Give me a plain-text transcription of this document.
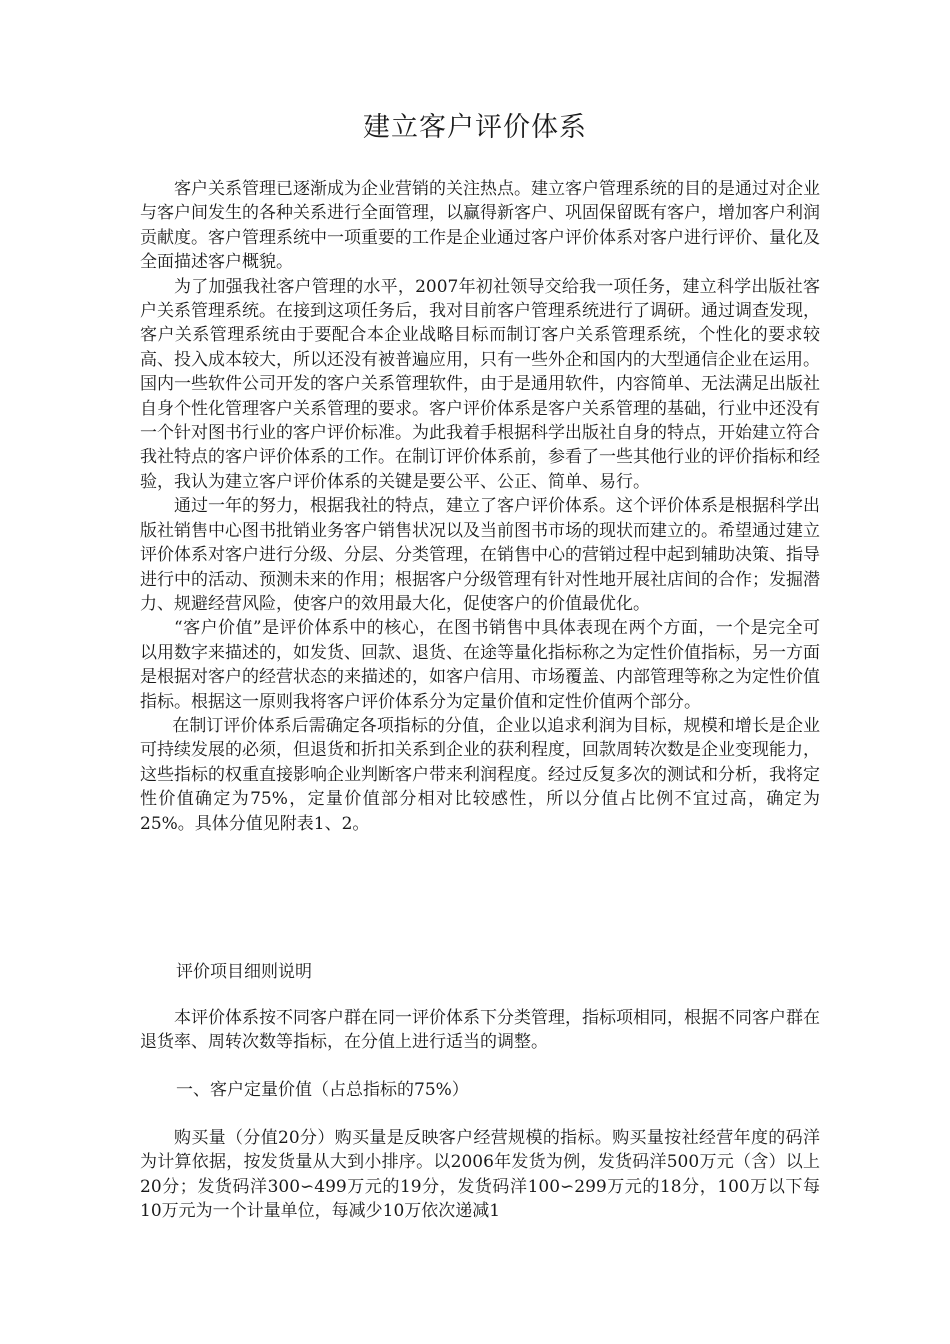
建立客户评价体系

客户关系管理已逐渐成为企业营销的关注热点。建立客户管理系统的目的是通过对企业与客户间发生的各种关系进行全面管理，以赢得新客户、巩固保留既有客户，增加客户利润贡献度。客户管理系统中一项重要的工作是企业通过客户评价体系对客户进行评价、量化及全面描述客户概貌。

为了加强我社客户管理的水平，2007年初社领导交给我一项任务，建立科学出版社客户关系管理系统。在接到这项任务后，我对目前客户管理系统进行了调研。通过调查发现，客户关系管理系统由于要配合本企业战略目标而制订客户关系管理系统，个性化的要求较高、投入成本较大，所以还没有被普遍应用，只有一些外企和国内的大型通信企业在运用。国内一些软件公司开发的客户关系管理软件，由于是通用软件，内容简单、无法满足出版社自身个性化管理客户关系管理的要求。客户评价体系是客户关系管理的基础，行业中还没有一个针对图书行业的客户评价标准。为此我着手根据科学出版社自身的特点，开始建立符合我社特点的客户评价体系的工作。在制订评价体系前，参看了一些其他行业的评价指标和经验，我认为建立客户评价体系的关键是要公平、公正、简单、易行。

通过一年的努力，根据我社的特点，建立了客户评价体系。这个评价体系是根据科学出版社销售中心图书批销业务客户销售状况以及当前图书市场的现状而建立的。希望通过建立评价体系对客户进行分级、分层、分类管理，在销售中心的营销过程中起到辅助决策、指导进行中的活动、预测未来的作用；根据客户分级管理有针对性地开展社店间的合作；发掘潜力、规避经营风险，使客户的效用最大化，促使客户的价值最优化。

“客户价值”是评价体系中的核心，在图书销售中具体表现在两个方面，一个是完全可以用数字来描述的，如发货、回款、退货、在途等量化指标称之为定性价值指标，另一方面是根据对客户的经营状态的来描述的，如客户信用、市场覆盖、内部管理等称之为定性价值指标。根据这一原则我将客户评价体系分为定量价值和定性价值两个部分。

在制订评价体系后需确定各项指标的分值，企业以追求利润为目标，规模和增长是企业可持续发展的必须，但退货和折扣关系到企业的获利程度，回款周转次数是企业变现能力，这些指标的权重直接影响企业判断客户带来利润程度。经过反复多次的测试和分析，我将定性价值确定为75%，定量价值部分相对比较感性，所以分值占比例不宜过高，确定为25%。具体分值见附表1、2。

评价项目细则说明

本评价体系按不同客户群在同一评价体系下分类管理，指标项相同，根据不同客户群在退货率、周转次数等指标，在分值上进行适当的调整。

一、客户定量价值（占总指标的75%）

购买量（分值20分）购买量是反映客户经营规模的指标。购买量按社经营年度的码洋为计算依据，按发货量从大到小排序。以2006年发货为例，发货码洋500万元（含）以上20分；发货码洋300∽499万元的19分，发货码洋100∽299万元的18分，100万以下每10万元为一个计量单位，每减少10万依次递减1
